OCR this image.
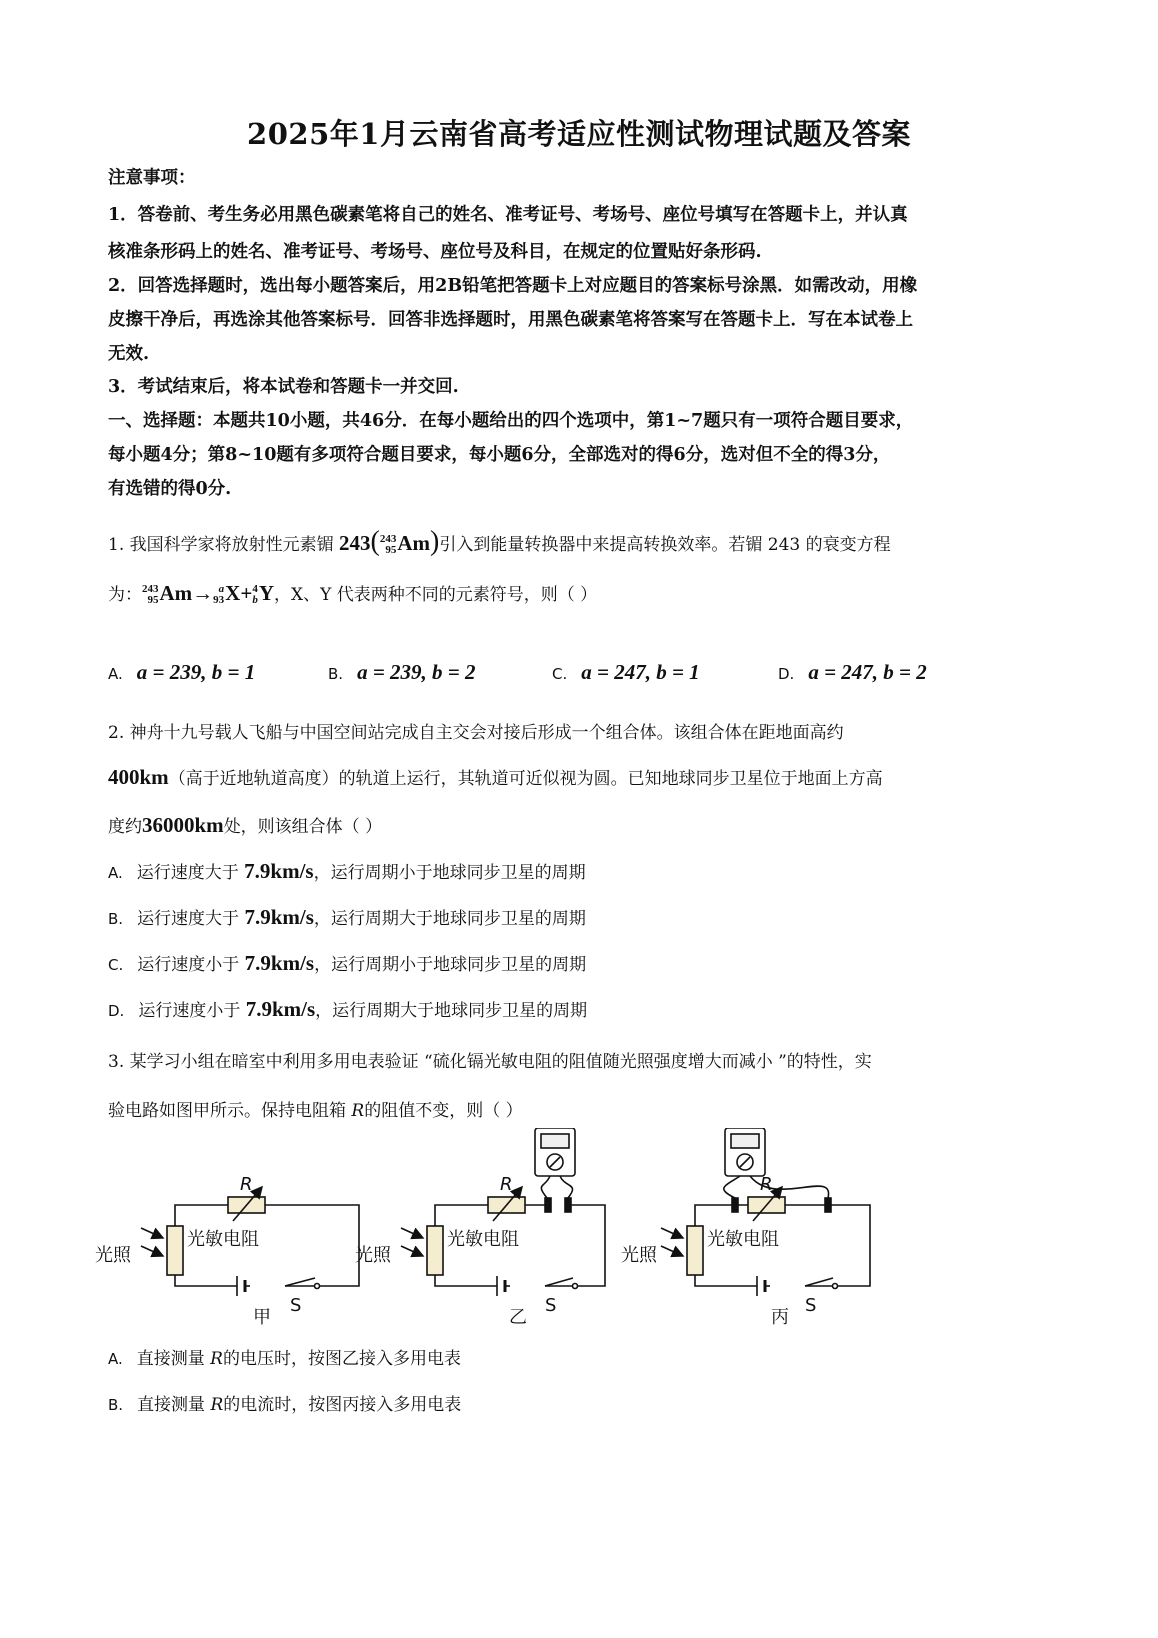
2025年1月云南省高考适应性测试物理试题及答案
注意事项：
1．答卷前、考生务必用黑色碳素笔将自己的姓名、准考证号、考场号、座位号填写在答题卡上，并认真
核准条形码上的姓名、准考证号、考场号、座位号及科目，在规定的位置贴好条形码.
2．回答选择题时，选出每小题答案后，用2B铅笔把答题卡上对应题目的答案标号涂黑．如需改动，用橡
皮擦干净后，再选涂其他答案标号．回答非选择题时，用黑色碳素笔将答案写在答题卡上．写在本试卷上
无效.
3．考试结束后，将本试卷和答题卡一并交回.
一、选择题：本题共10小题，共46分．在每小题给出的四个选项中，第1~7题只有一项符合题目要求，
每小题4分；第8~10题有多项符合题目要求，每小题6分，全部选对的得6分，选对但不全的得3分，
有选错的得0分.
1. 我国科学家将放射性元素镅 243( 243
95 Am)引入到能量转换器中来提高转换效率。若镅 243 的衰变方程
为： 243
95 Am→ a
93 X+ 4
b Y，X、Y 代表两种不同的元素符号，则（ ）
A. a = 239, b = 1	B. a = 239, b = 2	C. a = 247, b = 1	D. a = 247, b = 2
2. 神舟十九号载人飞船与中国空间站完成自主交会对接后形成一个组合体。该组合体在距地面高约
400km（高于近地轨道高度）的轨道上运行，其轨道可近似视为圆。已知地球同步卫星位于地面上方高
度约36000km处，则该组合体（ ）
A. 运行速度大于 7.9km/s，运行周期小于地球同步卫星的周期
B. 运行速度大于 7.9km/s，运行周期大于地球同步卫星的周期
C. 运行速度小于 7.9km/s，运行周期小于地球同步卫星的周期
D. 运行速度小于 7.9km/s，运行周期大于地球同步卫星的周期
3. 某学习小组在暗室中利用多用电表验证 “硫化镉光敏电阻的阻值随光照强度增大而减小 ”的特性，实
验电路如图甲所示。保持电阻箱 R的阻值不变，则（ ）
光照
光敏电阻
R
S
甲
光照
光敏电阻
R
S
乙
光照
光敏电阻
R
S
丙
A. 直接测量 R的电压时，按图乙接入多用电表
B. 直接测量 R的电流时，按图丙接入多用电表
